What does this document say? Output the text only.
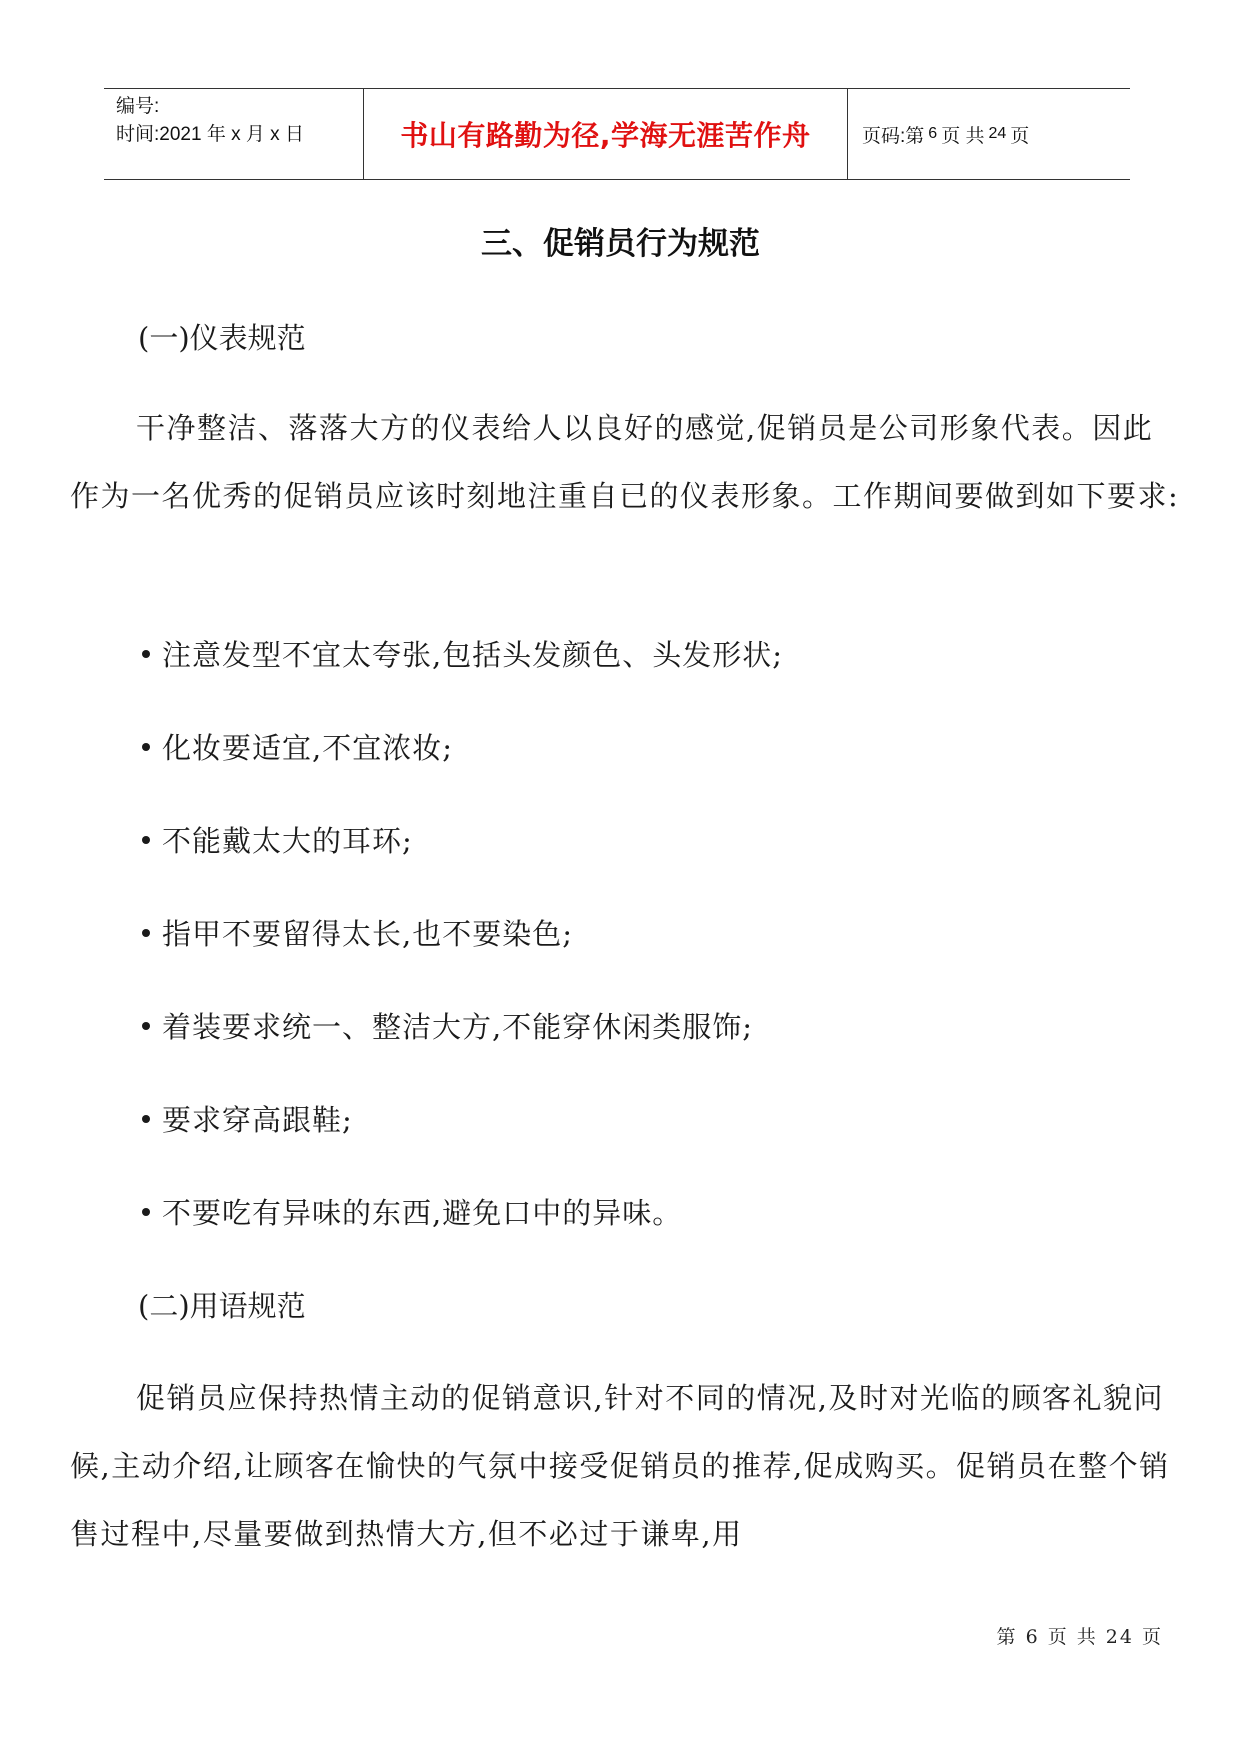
编号:
时间:2021 年 x 月 x 日	书山有路勤为径,学海无涯苦作舟	页码:第 6 页 共 24 页
三、促销员行为规范
(一)仪表规范

干净整洁、落落大方的仪表给人以良好的感觉,促销员是公司形象代表。因此作为一名优秀的促销员应该时刻地注重自已的仪表形象。工作期间要做到如下要求:

注意发型不宜太夸张,包括头发颜色、头发形状;
化妆要适宜,不宜浓妆;
不能戴太大的耳环;
指甲不要留得太长,也不要染色;
着装要求统一、整洁大方,不能穿休闲类服饰;
要求穿高跟鞋;
不要吃有异味的东西,避免口中的异味。
(二)用语规范

促销员应保持热情主动的促销意识,针对不同的情况,及时对光临的顾客礼貌问候,主动介绍,让顾客在愉快的气氛中接受促销员的推荐,促成购买。促销员在整个销售过程中,尽量要做到热情大方,但不必过于谦卑,用

第 6 页 共 24 页
